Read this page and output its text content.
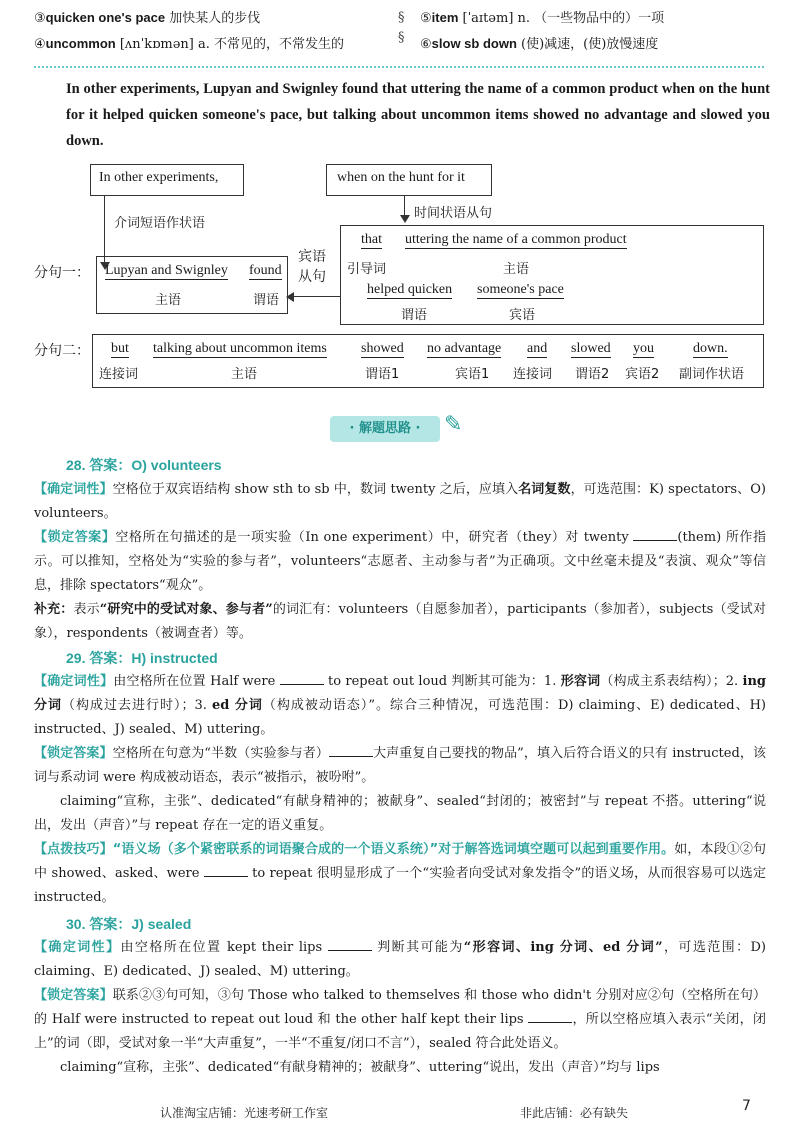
③quicken one's pace 加快某人的步伐
④uncommon [ʌnˈkɒmən] a. 不常见的，不常发生的
§
§
⑤item [ˈaɪtəm] n. （一些物品中的）一项
⑥slow sb down (使)减速，(使)放慢速度
In other experiments, Lupyan and Swignley found that uttering the name of a common product when on the hunt for it helped quicken someone's pace, but talking about uncommon items showed no advantage and slowed you down.
In other experiments,	when on the hunt for it
介词短语作状语
时间状语从句
分句一： Lupyan and Swignley found
主语	谓语
宾语
从句
that uttering the name of a common product
引导词	主语
helped quicken someone's pace
谓语	宾语
分句二： but
连接词
talking about uncommon items
主语
showed
谓语1
no advantage
宾语1
and
连接词
slowed
谓语2
you
宾语2
down.
副词作状语
· 解题思路 ·	✎
28. 答案：O) volunteers
【确定词性】空格位于双宾语结构 show sth to sb 中，数词 twenty 之后，应填入名词复数，可选范围：K) spectators、O) volunteers。
【锁定答案】空格所在句描述的是一项实验（In one experiment）中，研究者（they）对 twenty	(them) 所作指示。可以推知，空格处为“实验的参与者”，volunteers“志愿者、主动参与者”为正确项。文中丝毫未提及“表演、观众”等信息，排除 spectators“观众”。
补充：表示“研究中的受试对象、参与者”的词汇有：volunteers（自愿参加者），participants（参加者），subjects（受试对象），respondents（被调查者）等。
29. 答案：H) instructed
【确定词性】由空格所在位置 Half were	to repeat out loud 判断其可能为：1. 形容词（构成主系表结构）；2. ing 分词（构成过去进行时）；3. ed 分词（构成被动语态）”。综合三种情况，可选范围：D) claiming、E) dedicated、H) instructed、J) sealed、M) uttering。
【锁定答案】空格所在句意为“半数（实验参与者）	大声重复自己要找的物品”，填入后符合语义的只有 instructed，该词与系动词 were 构成被动语态，表示“被指示，被吩咐”。
claiming“宣称，主张”、dedicated“有献身精神的；被献身”、sealed“封闭的；被密封”与 repeat 不搭。uttering“说出，发出（声音）”与 repeat 存在一定的语义重复。
【点拨技巧】“语义场（多个紧密联系的词语聚合成的一个语义系统）”对于解答选词填空题可以起到重要作用。如，本段①②句中 showed、asked、were	to repeat 很明显形成了一个“实验者向受试对象发指令”的语义场，从而很容易可以选定 instructed。
30. 答案：J) sealed
【确定词性】由空格所在位置 kept their lips	判断其可能为“形容词、ing 分词、ed 分词”，可选范围：D) claiming、E) dedicated、J) sealed、M) uttering。
【锁定答案】联系②③句可知，③句 Those who talked to themselves 和 those who didn't 分别对应②句（空格所在句）的 Half were instructed to repeat out loud 和 the other half kept their lips	，所以空格应填入表示“关闭，闭上”的词（即，受试对象一半“大声重复”，一半“不重复/闭口不言”），sealed 符合此处语义。
claiming“宣称，主张”、dedicated“有献身精神的；被献身”、uttering“说出，发出（声音）”均与 lips
认准淘宝店铺：光速考研工作室	非此店铺：必有缺失	7
